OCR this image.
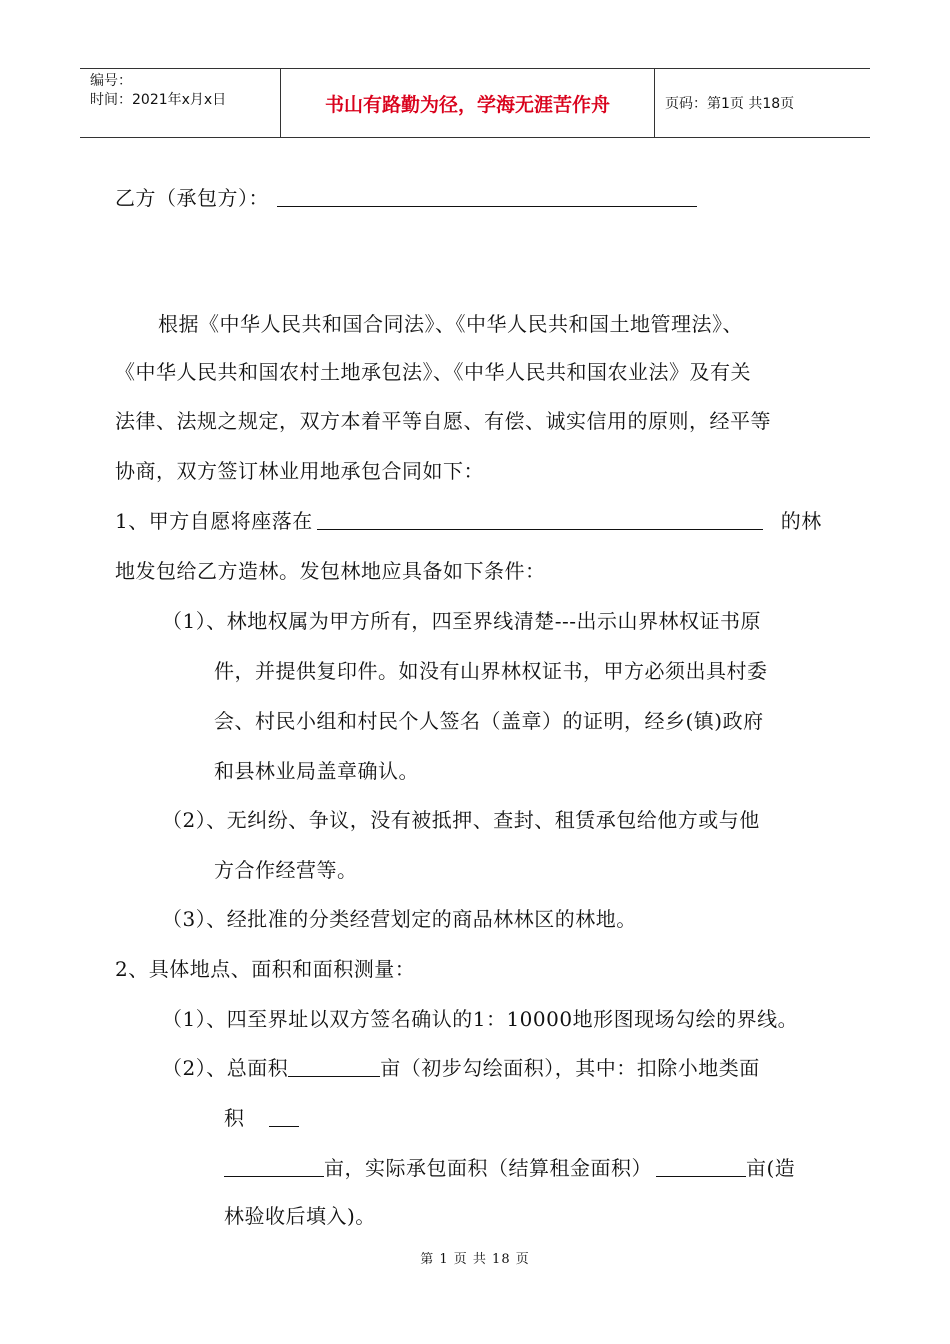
编号：
时间：2021年x月x日	书山有路勤为径，学海无涯苦作舟	页码：第1页 共18页
乙方（承包方）：
根据《中华人民共和国合同法》、《中华人民共和国土地管理法》、
《中华人民共和国农村土地承包法》、《中华人民共和国农业法》及有关
法律、法规之规定，双方本着平等自愿、有偿、诚实信用的原则，经平等
协商，双方签订林业用地承包合同如下：
1、甲方自愿将座落在	的林
地发包给乙方造林。发包林地应具备如下条件：
（1）、林地权属为甲方所有，四至界线清楚---出示山界林权证书原
件，并提供复印件。如没有山界林权证书，甲方必须出具村委
会、村民小组和村民个人签名（盖章）的证明，经乡(镇)政府
和县林业局盖章确认。
（2）、无纠纷、争议，没有被抵押、查封、租赁承包给他方或与他
方合作经营等。
（3）、经批准的分类经营划定的商品林林区的林地。
2、具体地点、面积和面积测量：
（1）、四至界址以双方签名确认的1：10000地形图现场勾绘的界线。
（2）、总面积	亩（初步勾绘面积），其中：扣除小地类面
积
亩，实际承包面积（结算租金面积）	亩(造
林验收后填入)。
第 1 页 共 18 页
